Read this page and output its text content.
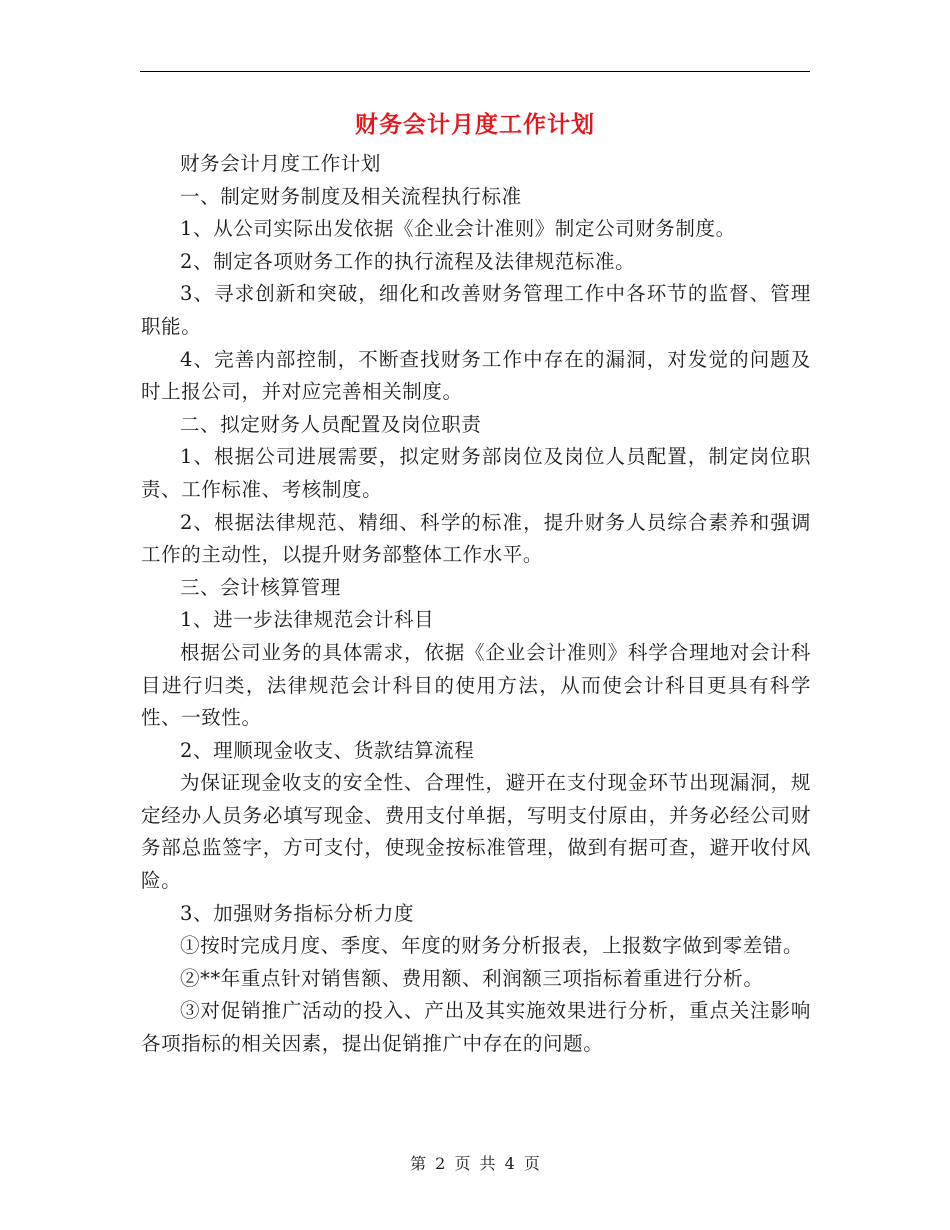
财务会计月度工作计划

财务会计月度工作计划

一、制定财务制度及相关流程执行标准

1、从公司实际出发依据《企业会计准则》制定公司财务制度。

2、制定各项财务工作的执行流程及法律规范标准。

3、寻求创新和突破，细化和改善财务管理工作中各环节的监督、管理职能。

4、完善内部控制，不断查找财务工作中存在的漏洞，对发觉的问题及时上报公司，并对应完善相关制度。

二、拟定财务人员配置及岗位职责

1、根据公司进展需要，拟定财务部岗位及岗位人员配置，制定岗位职责、工作标准、考核制度。

2、根据法律规范、精细、科学的标准，提升财务人员综合素养和强调工作的主动性，以提升财务部整体工作水平。

三、会计核算管理

1、进一步法律规范会计科目

根据公司业务的具体需求，依据《企业会计准则》科学合理地对会计科目进行归类，法律规范会计科目的使用方法，从而使会计科目更具有科学性、一致性。

2、理顺现金收支、货款结算流程

为保证现金收支的安全性、合理性，避开在支付现金环节出现漏洞，规定经办人员务必填写现金、费用支付单据，写明支付原由，并务必经公司财务部总监签字，方可支付，使现金按标准管理，做到有据可查，避开收付风险。

3、加强财务指标分析力度

①按时完成月度、季度、年度的财务分析报表，上报数字做到零差错。

②**年重点针对销售额、费用额、利润额三项指标着重进行分析。

③对促销推广活动的投入、产出及其实施效果进行分析，重点关注影响各项指标的相关因素，提出促销推广中存在的问题。

第 2 页 共 4 页
